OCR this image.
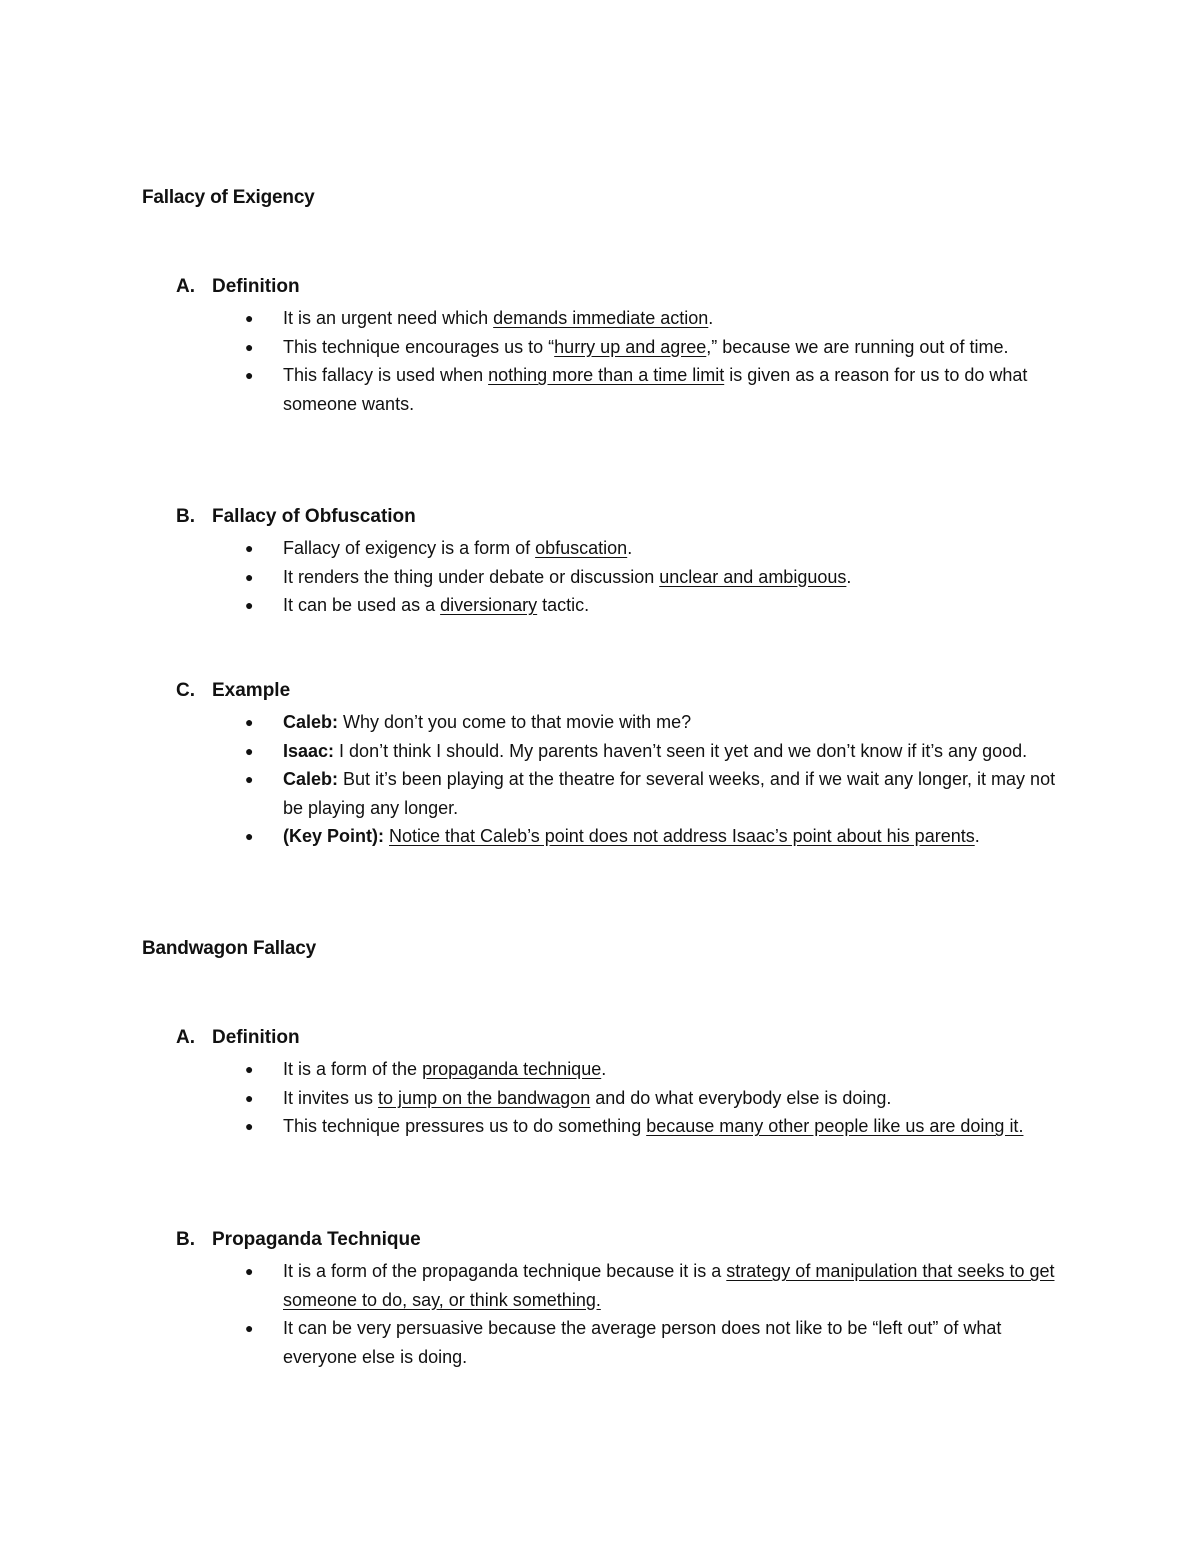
Fallacy of Exigency
A. Definition
● It is an urgent need which demands immediate action.
● This technique encourages us to “hurry up and agree,” because we are running out of time.
● This fallacy is used when nothing more than a time limit is given as a reason for us to do what someone wants.
B. Fallacy of Obfuscation
● Fallacy of exigency is a form of obfuscation.
● It renders the thing under debate or discussion unclear and ambiguous.
● It can be used as a diversionary tactic.
C. Example
● Caleb: Why don’t you come to that movie with me?
● Isaac: I don’t think I should. My parents haven’t seen it yet and we don’t know if it’s any good.
● Caleb: But it’s been playing at the theatre for several weeks, and if we wait any longer, it may not be playing any longer.
● (Key Point): Notice that Caleb’s point does not address Isaac’s point about his parents.
Bandwagon Fallacy
A. Definition
● It is a form of the propaganda technique.
● It invites us to jump on the bandwagon and do what everybody else is doing.
● This technique pressures us to do something because many other people like us are doing it.
B. Propaganda Technique
● It is a form of the propaganda technique because it is a strategy of manipulation that seeks to get someone to do, say, or think something.
● It can be very persuasive because the average person does not like to be “left out” of what everyone else is doing.
